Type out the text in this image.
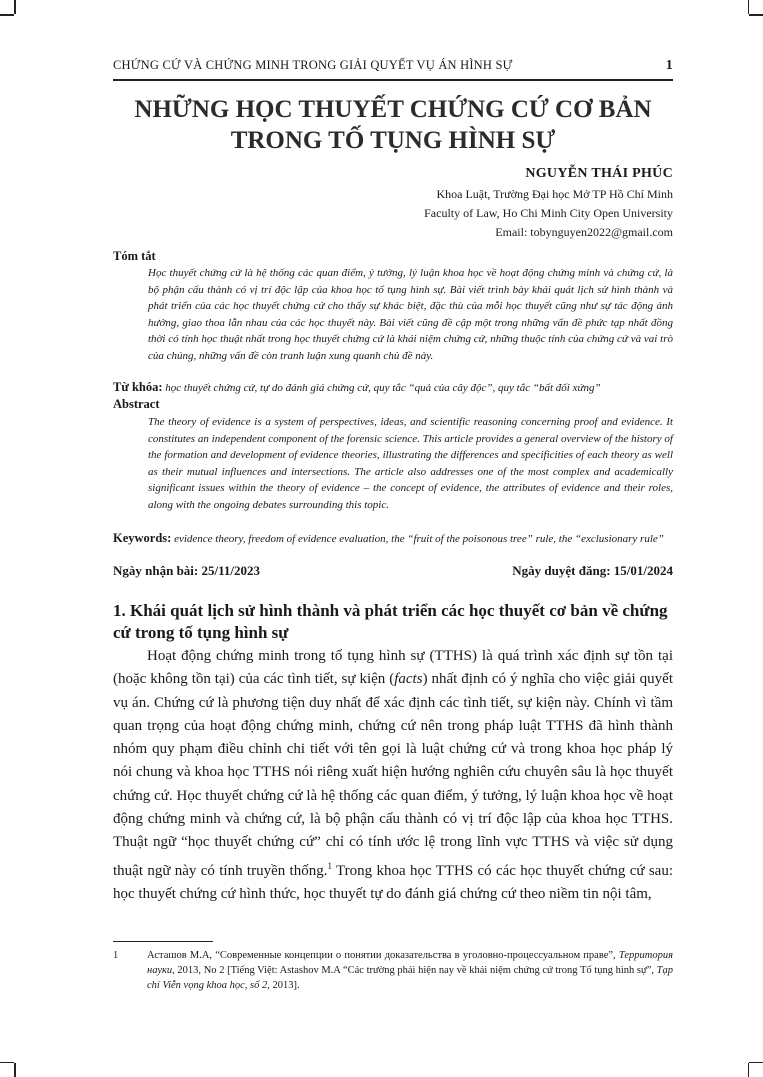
CHỨNG CỨ VÀ CHỨNG MINH TRONG GIẢI QUYẾT VỤ ÁN HÌNH SỰ	1
NHỮNG HỌC THUYẾT CHỨNG CỨ CƠ BẢN TRONG TỐ TỤNG HÌNH SỰ
NGUYỄN THÁI PHÚC
Khoa Luật, Trường Đại học Mở TP Hồ Chí Minh
Faculty of Law, Ho Chi Minh City Open University
Email: tobynguyen2022@gmail.com
Tóm tắt
Học thuyết chứng cứ là hệ thống các quan điểm, ý tưởng, lý luận khoa học về hoạt động chứng minh và chứng cứ, là bộ phận cấu thành có vị trí độc lập của khoa học tố tụng hình sự. Bài viết trình bày khái quát lịch sử hình thành và phát triển của các học thuyết chứng cứ cho thấy sự khác biệt, đặc thù của mỗi học thuyết cũng như sự tác động ảnh hưởng, giao thoa lẫn nhau của các học thuyết này. Bài viết cũng đề cập một trong những vấn đề phức tạp nhất đồng thời có tính học thuật nhất trong học thuyết chứng cứ là khái niệm chứng cứ, những thuộc tính của chứng cứ và vai trò của chúng, những vấn đề còn tranh luận xung quanh chủ đề này.
Từ khóa: học thuyết chứng cứ, tự do đánh giá chứng cứ, quy tắc “quả của cây độc”, quy tắc “bất đối xứng”
Abstract
The theory of evidence is a system of perspectives, ideas, and scientific reasoning concerning proof and evidence. It constitutes an independent component of the forensic science. This article provides a general overview of the history of the formation and development of evidence theories, illustrating the differences and specificities of each theory as well as their mutual influences and intersections. The article also addresses one of the most complex and academically significant issues within the theory of evidence – the concept of evidence, the attributes of evidence and their roles, along with the ongoing debates surrounding this topic.
Keywords: evidence theory, freedom of evidence evaluation, the “fruit of the poisonous tree” rule, the “exclusionary rule”
Ngày nhận bài: 25/11/2023	Ngày duyệt đăng: 15/01/2024
1. Khái quát lịch sử hình thành và phát triển các học thuyết cơ bản về chứng cứ trong tố tụng hình sự
Hoạt động chứng minh trong tố tụng hình sự (TTHS) là quá trình xác định sự tồn tại (hoặc không tồn tại) của các tình tiết, sự kiện (facts) nhất định có ý nghĩa cho việc giải quyết vụ án. Chứng cứ là phương tiện duy nhất để xác định các tình tiết, sự kiện này. Chính vì tầm quan trọng của hoạt động chứng minh, chứng cứ nên trong pháp luật TTHS đã hình thành nhóm quy phạm điều chỉnh chi tiết với tên gọi là luật chứng cứ và trong khoa học pháp lý nói chung và khoa học TTHS nói riêng xuất hiện hướng nghiên cứu chuyên sâu là học thuyết chứng cứ. Học thuyết chứng cứ là hệ thống các quan điểm, ý tưởng, lý luận khoa học về hoạt động chứng minh và chứng cứ, là bộ phận cấu thành có vị trí độc lập của khoa học TTHS. Thuật ngữ “học thuyết chứng cứ” chỉ có tính ước lệ trong lĩnh vực TTHS và việc sử dụng thuật ngữ này có tính truyền thống.$^1$ Trong khoa học TTHS có các học thuyết chứng cứ sau: học thuyết chứng cứ hình thức, học thuyết tự do đánh giá chứng cứ theo niềm tin nội tâm,
1	Асташов М.А, “Современные концепции о понятии доказательства в уголовно-процессуальном праве”, Территория науки, 2013, No 2 [Tiếng Việt: Astashov M.A “Các trường phái hiện nay về khái niệm chứng cứ trong Tố tụng hình sự”, Tạp chí Viễn vọng khoa học, số 2, 2013].
